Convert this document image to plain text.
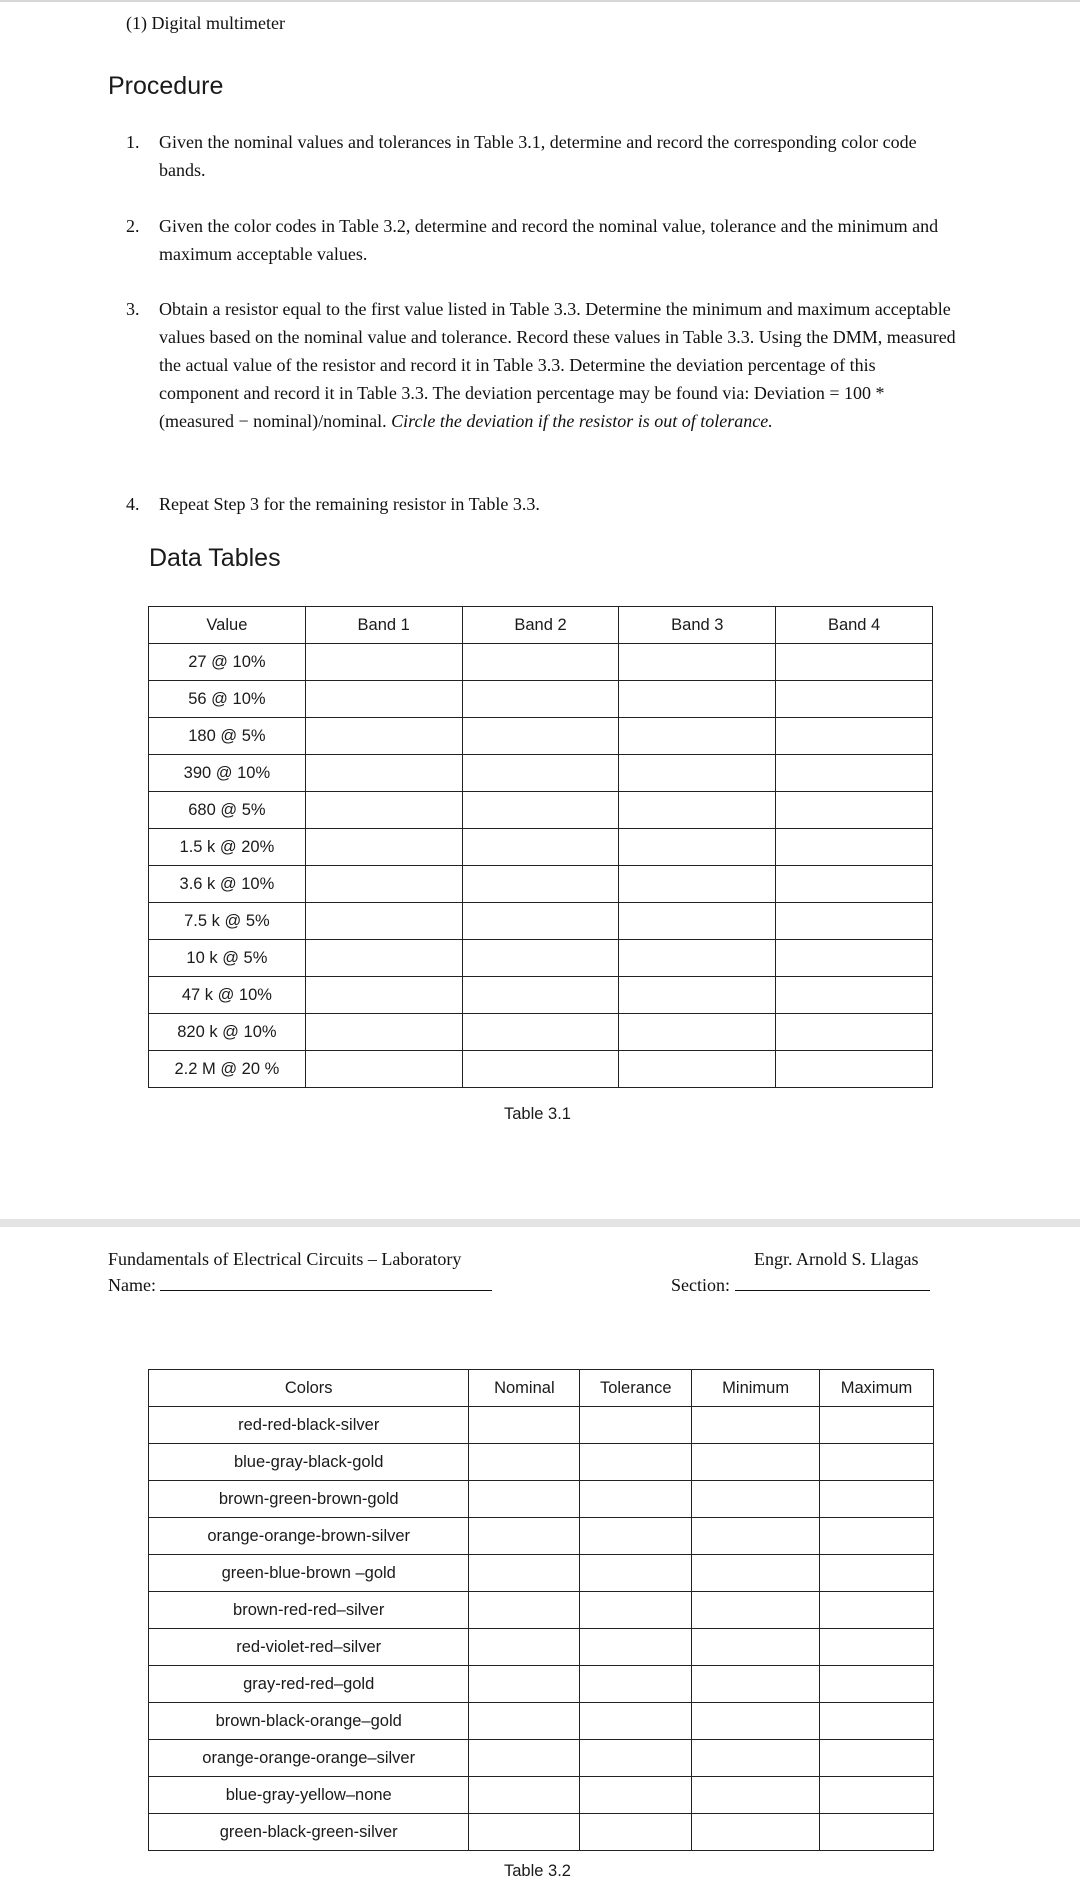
(1) Digital multimeter
Procedure
1. Given the nominal values and tolerances in Table 3.1, determine and record the corresponding color code bands.
2. Given the color codes in Table 3.2, determine and record the nominal value, tolerance and the minimum and maximum acceptable values.
3. Obtain a resistor equal to the first value listed in Table 3.3. Determine the minimum and maximum acceptable values based on the nominal value and tolerance. Record these values in Table 3.3. Using the DMM, measured the actual value of the resistor and record it in Table 3.3. Determine the deviation percentage of this component and record it in Table 3.3. The deviation percentage may be found via: Deviation = 100 * (measured − nominal)/nominal. Circle the deviation if the resistor is out of tolerance.
4. Repeat Step 3 for the remaining resistor in Table 3.3.
Data Tables
Value	Band 1	Band 2	Band 3	Band 4
27 @ 10%				
56 @ 10%				
180 @ 5%				
390 @ 10%				
680 @ 5%				
1.5 k @ 20%				
3.6 k @ 10%				
7.5 k @ 5%				
10 k @ 5%				
47 k @ 10%				
820 k @ 10%				
2.2 M @ 20 %				
Table 3.1
Fundamentals of Electrical Circuits – Laboratory	Engr. Arnold S. Llagas
Name:	Section:
Colors	Nominal	Tolerance	Minimum	Maximum
red-red-black-silver				
blue-gray-black-gold				
brown-green-brown-gold				
orange-orange-brown-silver				
green-blue-brown –gold				
brown-red-red–silver				
red-violet-red–silver				
gray-red-red–gold				
brown-black-orange–gold				
orange-orange-orange–silver				
blue-gray-yellow–none				
green-black-green-silver				
Table 3.2
